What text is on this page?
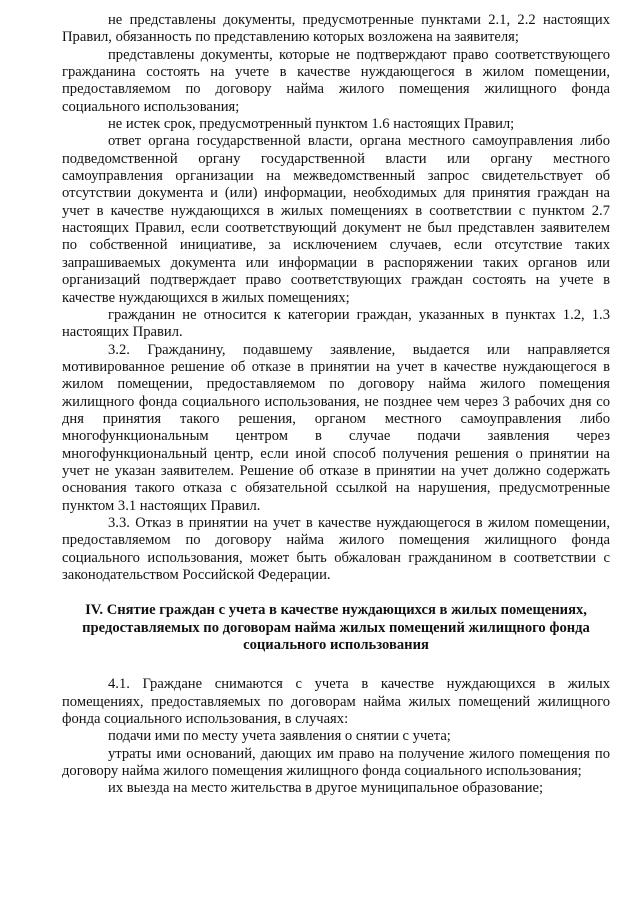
не представлены документы, предусмотренные пунктами 2.1, 2.2 настоящих Правил, обязанность по представлению которых возложена на заявителя;

представлены документы, которые не подтверждают право соответствующего гражданина состоять на учете в качестве нуждающегося в жилом помещении, предоставляемом по договору найма жилого помещения жилищного фонда социального использования;

не истек срок, предусмотренный пунктом 1.6 настоящих Правил;

ответ органа государственной власти, органа местного самоуправления либо подведомственной органу государственной власти или органу местного самоуправления организации на межведомственный запрос свидетельствует об отсутствии документа и (или) информации, необходимых для принятия граждан на учет в качестве нуждающихся в жилых помещениях в соответствии с пунктом 2.7 настоящих Правил, если соответствующий документ не был представлен заявителем по собственной инициативе, за исключением случаев, если отсутствие таких запрашиваемых документа или информации в распоряжении таких органов или организаций подтверждает право соответствующих граждан состоять на учете в качестве нуждающихся в жилых помещениях;

гражданин не относится к категории граждан, указанных в пунктах 1.2, 1.3 настоящих Правил.

3.2. Гражданину, подавшему заявление, выдается или направляется мотивированное решение об отказе в принятии на учет в качестве нуждающегося в жилом помещении, предоставляемом по договору найма жилого помещения жилищного фонда социального использования, не позднее чем через 3 рабочих дня со дня принятия такого решения, органом местного самоуправления либо многофункциональным центром в случае подачи заявления через многофункциональный центр, если иной способ получения решения о принятии на учет не указан заявителем. Решение об отказе в принятии на учет должно содержать основания такого отказа с обязательной ссылкой на нарушения, предусмотренные пунктом 3.1 настоящих Правил.

3.3. Отказ в принятии на учет в качестве нуждающегося в жилом помещении, предоставляемом по договору найма жилого помещения жилищного фонда социального использования, может быть обжалован гражданином в соответствии с законодательством Российской Федерации.

IV. Снятие граждан с учета в качестве нуждающихся в жилых помещениях, предоставляемых по договорам найма жилых помещений жилищного фонда социального использования

4.1. Граждане снимаются с учета в качестве нуждающихся в жилых помещениях, предоставляемых по договорам найма жилых помещений жилищного фонда социального использования, в случаях:

подачи ими по месту учета заявления о снятии с учета;

утраты ими оснований, дающих им право на получение жилого помещения по договору найма жилого помещения жилищного фонда социального использования;

их выезда на место жительства в другое муниципальное образование;
